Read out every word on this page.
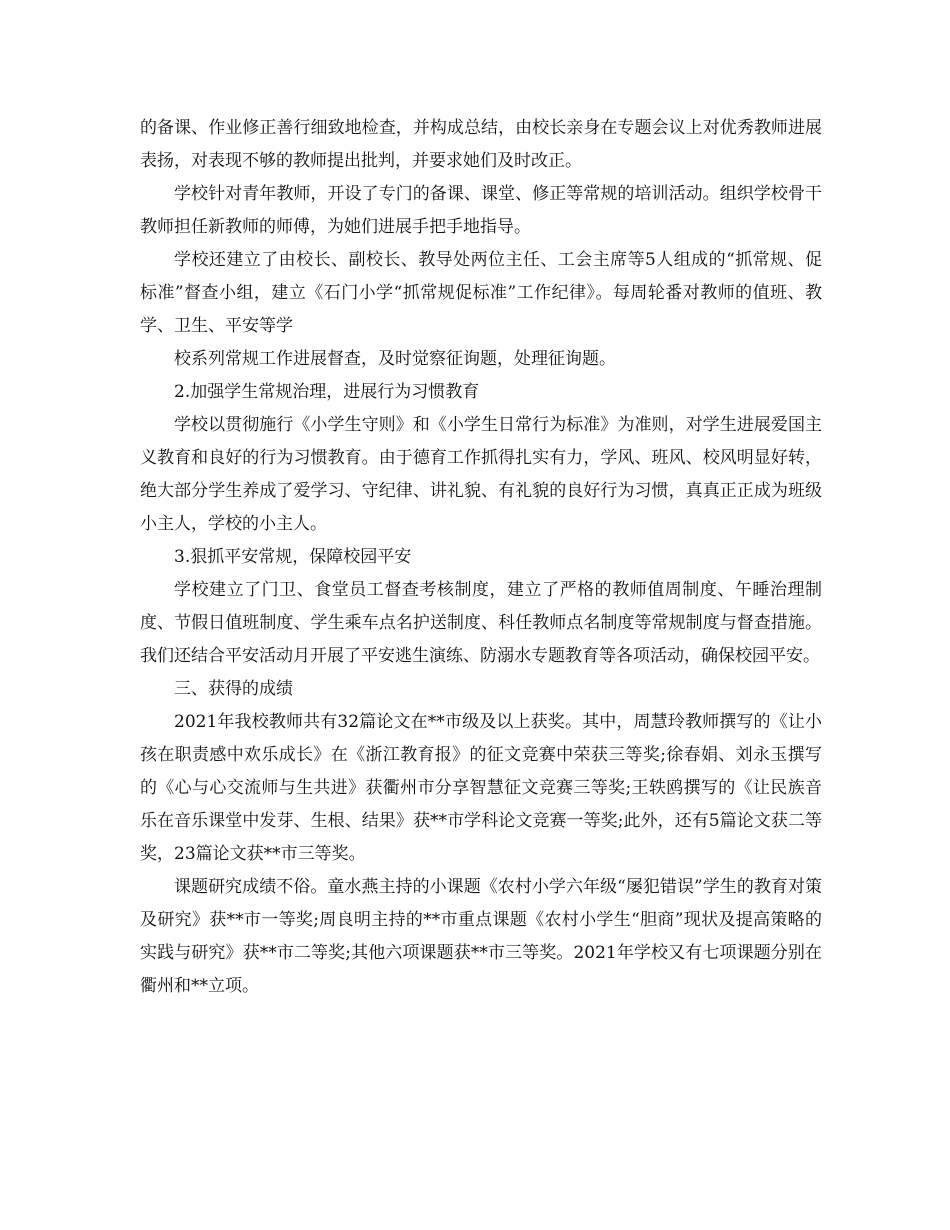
的备课、作业修正善行细致地检查，并构成总结，由校长亲身在专题会议上对优秀教师进展表扬，对表现不够的教师提出批判，并要求她们及时改正。

学校针对青年教师，开设了专门的备课、课堂、修正等常规的培训活动。组织学校骨干教师担任新教师的师傅，为她们进展手把手地指导。

学校还建立了由校长、副校长、教导处两位主任、工会主席等5人组成的“抓常规、促标准”督查小组，建立《石门小学“抓常规促标准”工作纪律》。每周轮番对教师的值班、教学、卫生、平安等学

校系列常规工作进展督查，及时觉察征询题，处理征询题。

2.加强学生常规治理，进展行为习惯教育

学校以贯彻施行《小学生守则》和《小学生日常行为标准》为准则，对学生进展爱国主义教育和良好的行为习惯教育。由于德育工作抓得扎实有力，学风、班风、校风明显好转，绝大部分学生养成了爱学习、守纪律、讲礼貌、有礼貌的良好行为习惯，真真正正成为班级小主人，学校的小主人。

3.狠抓平安常规，保障校园平安

学校建立了门卫、食堂员工督查考核制度，建立了严格的教师值周制度、午睡治理制度、节假日值班制度、学生乘车点名护送制度、科任教师点名制度等常规制度与督查措施。我们还结合平安活动月开展了平安逃生演练、防溺水专题教育等各项活动，确保校园平安。

三、获得的成绩

2021年我校教师共有32篇论文在**市级及以上获奖。其中，周慧玲教师撰写的《让小孩在职责感中欢乐成长》在《浙江教育报》的征文竞赛中荣获三等奖;徐春娟、刘永玉撰写的《心与心交流师与生共进》获衢州市分享智慧征文竞赛三等奖;王轶鸥撰写的《让民族音乐在音乐课堂中发芽、生根、结果》获**市学科论文竞赛一等奖;此外，还有5篇论文获二等奖，23篇论文获**市三等奖。

课题研究成绩不俗。童水燕主持的小课题《农村小学六年级“屡犯错误”学生的教育对策及研究》获**市一等奖;周良明主持的**市重点课题《农村小学生“胆商”现状及提高策略的实践与研究》获**市二等奖;其他六项课题获**市三等奖。2021年学校又有七项课题分别在衢州和**立项。
